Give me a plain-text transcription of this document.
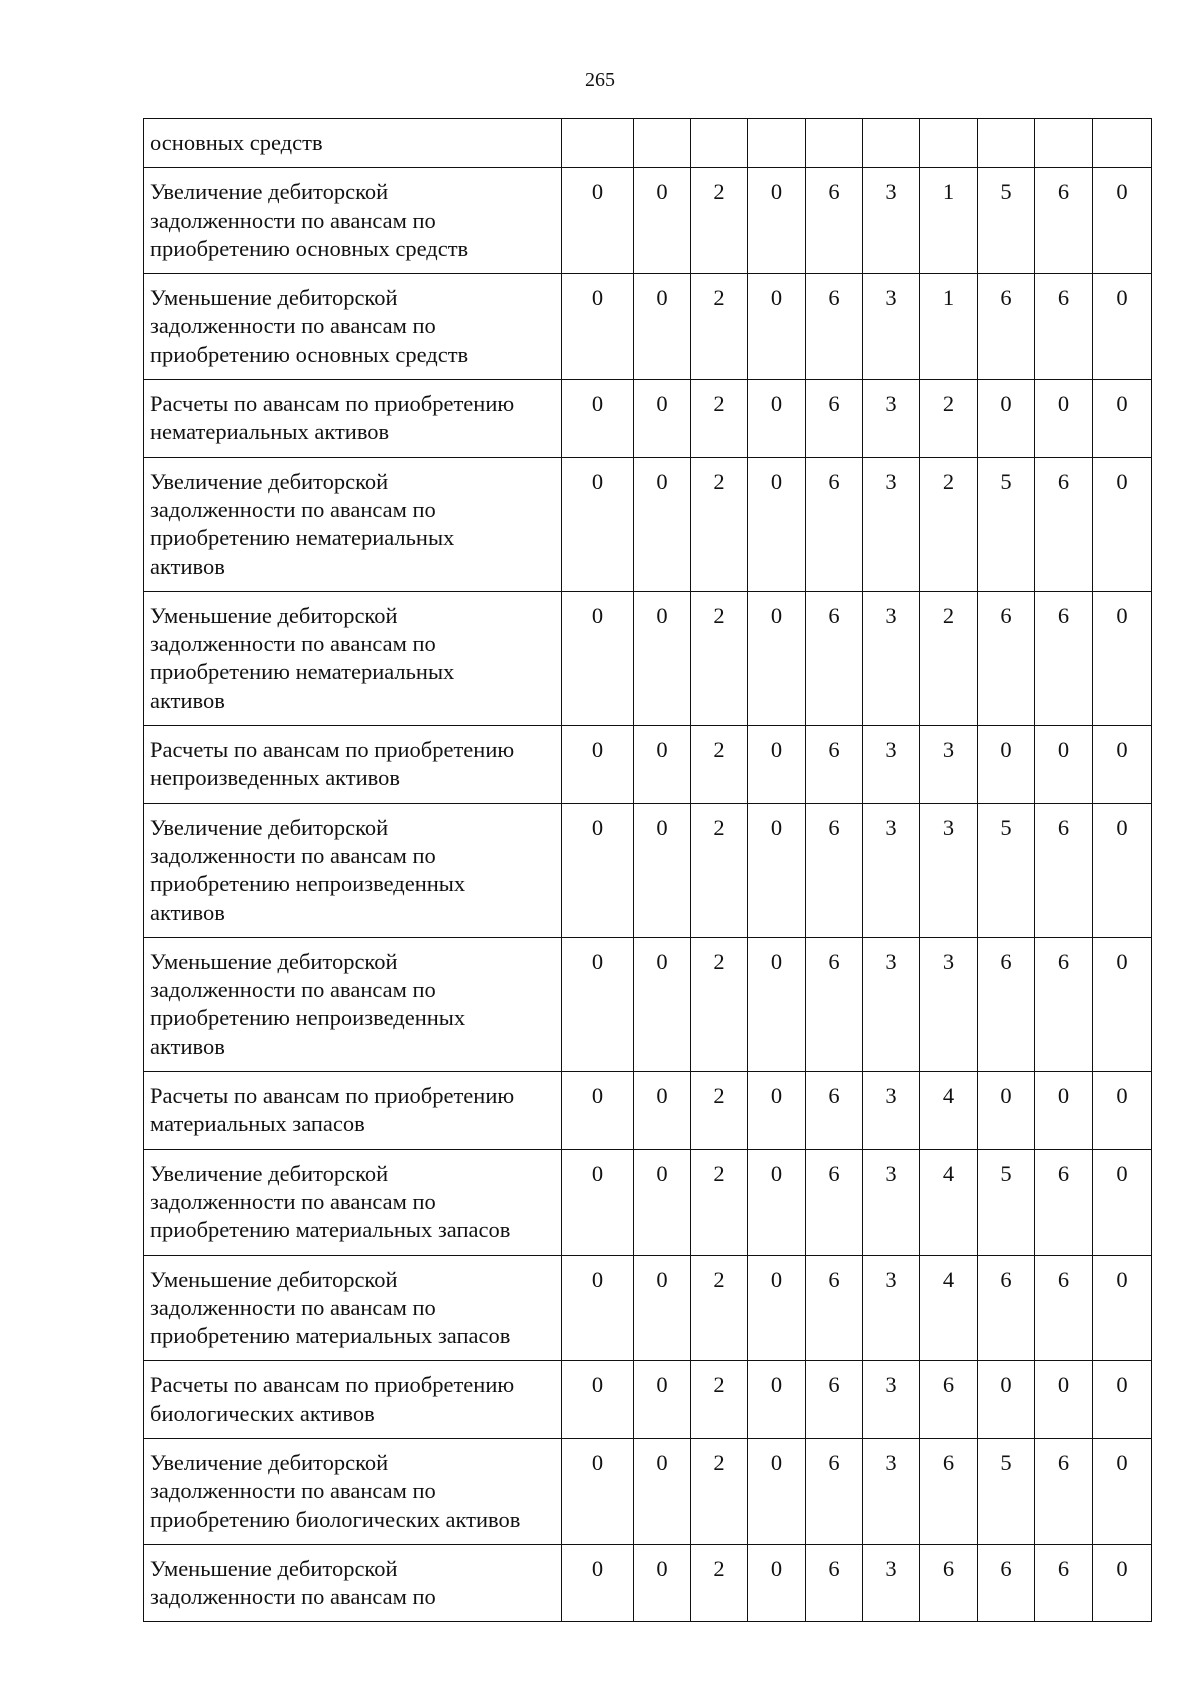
265
основных средств										
Увеличение дебиторской
задолженности по авансам по
приобретению основных средств	0	0	2	0	6	3	1	5	6	0
Уменьшение дебиторской
задолженности по авансам по
приобретению основных средств	0	0	2	0	6	3	1	6	6	0
Расчеты по авансам по приобретению
нематериальных активов	0	0	2	0	6	3	2	0	0	0
Увеличение дебиторской
задолженности по авансам по
приобретению нематериальных
активов	0	0	2	0	6	3	2	5	6	0
Уменьшение дебиторской
задолженности по авансам по
приобретению нематериальных
активов	0	0	2	0	6	3	2	6	6	0
Расчеты по авансам по приобретению
непроизведенных активов	0	0	2	0	6	3	3	0	0	0
Увеличение дебиторской
задолженности по авансам по
приобретению непроизведенных
активов	0	0	2	0	6	3	3	5	6	0
Уменьшение дебиторской
задолженности по авансам по
приобретению непроизведенных
активов	0	0	2	0	6	3	3	6	6	0
Расчеты по авансам по приобретению
материальных запасов	0	0	2	0	6	3	4	0	0	0
Увеличение дебиторской
задолженности по авансам по
приобретению материальных запасов	0	0	2	0	6	3	4	5	6	0
Уменьшение дебиторской
задолженности по авансам по
приобретению материальных запасов	0	0	2	0	6	3	4	6	6	0
Расчеты по авансам по приобретению
биологических активов	0	0	2	0	6	3	6	0	0	0
Увеличение дебиторской
задолженности по авансам по
приобретению биологических активов	0	0	2	0	6	3	6	5	6	0
Уменьшение дебиторской
задолженности по авансам по	0	0	2	0	6	3	6	6	6	0
